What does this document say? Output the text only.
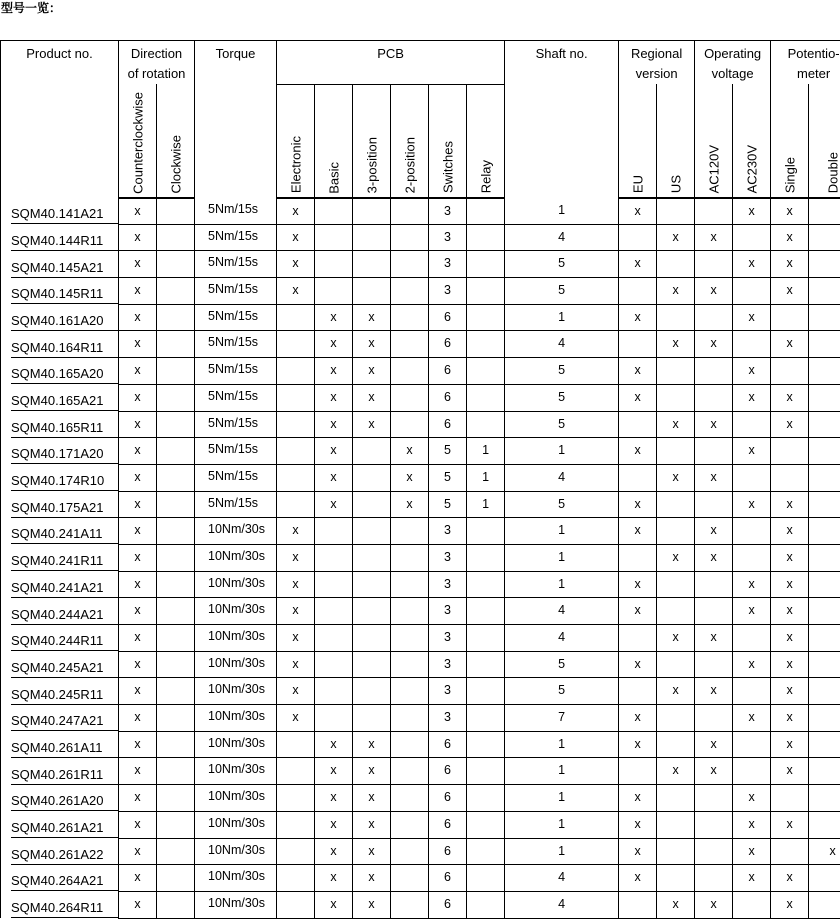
型号一览：
Product no.	Direction
of rotation		Torque	PCB						Shaft no.	Regional
version		Operating
voltage		Potentio-
meter	

	Counterclockwise	Clockwise		Electronic	Basic	3-position	2-position	Switches	Relay		EU	US	AC120V	AC230V	Single	Double

SQM40.141A21	x		5Nm/15s	x				3		1	x			x	x	
SQM40.144R11	x		5Nm/15s	x				3		4		x	x		x	
SQM40.145A21	x		5Nm/15s	x				3		5	x			x	x	
SQM40.145R11	x		5Nm/15s	x				3		5		x	x		x	
SQM40.161A20	x		5Nm/15s		x	x		6		1	x			x		
SQM40.164R11	x		5Nm/15s		x	x		6		4		x	x		x	
SQM40.165A20	x		5Nm/15s		x	x		6		5	x			x		
SQM40.165A21	x		5Nm/15s		x	x		6		5	x			x	x	
SQM40.165R11	x		5Nm/15s		x	x		6		5		x	x		x	
SQM40.171A20	x		5Nm/15s		x		x	5	1	1	x			x		
SQM40.174R10	x		5Nm/15s		x		x	5	1	4		x	x			
SQM40.175A21	x		5Nm/15s		x		x	5	1	5	x			x	x	
SQM40.241A11	x		10Nm/30s	x				3		1	x		x		x	
SQM40.241R11	x		10Nm/30s	x				3		1		x	x		x	
SQM40.241A21	x		10Nm/30s	x				3		1	x			x	x	
SQM40.244A21	x		10Nm/30s	x				3		4	x			x	x	
SQM40.244R11	x		10Nm/30s	x				3		4		x	x		x	
SQM40.245A21	x		10Nm/30s	x				3		5	x			x	x	
SQM40.245R11	x		10Nm/30s	x				3		5		x	x		x	
SQM40.247A21	x		10Nm/30s	x				3		7	x			x	x	
SQM40.261A11	x		10Nm/30s		x	x		6		1	x		x		x	
SQM40.261R11	x		10Nm/30s		x	x		6		1		x	x		x	
SQM40.261A20	x		10Nm/30s		x	x		6		1	x			x		
SQM40.261A21	x		10Nm/30s		x	x		6		1	x			x	x	
SQM40.261A22	x		10Nm/30s		x	x		6		1	x			x		x
SQM40.264A21	x		10Nm/30s		x	x		6		4	x			x	x	
SQM40.264R11	x		10Nm/30s		x	x		6		4		x	x		x	
